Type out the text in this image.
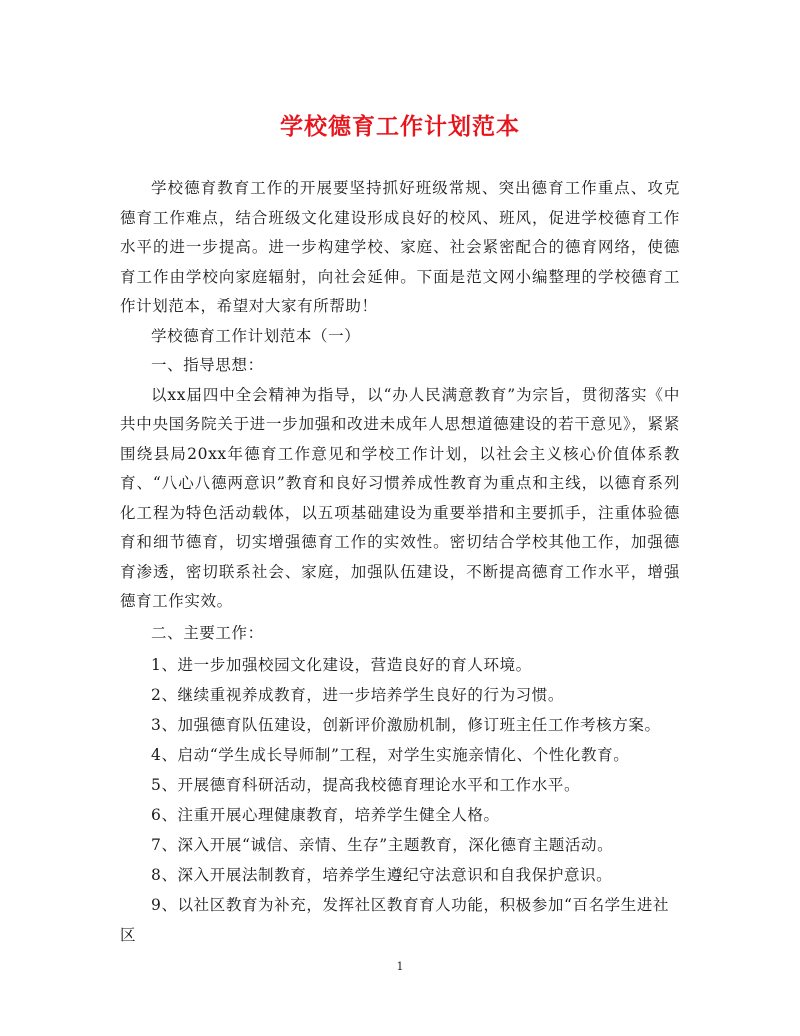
学校德育工作计划范本

学校德育教育工作的开展要坚持抓好班级常规、突出德育工作重点、攻克德育工作难点，结合班级文化建设形成良好的校风、班风，促进学校德育工作水平的进一步提高。进一步构建学校、家庭、社会紧密配合的德育网络，使德育工作由学校向家庭辐射，向社会延伸。下面是范文网小编整理的学校德育工作计划范本，希望对大家有所帮助！

学校德育工作计划范本（一）

一、指导思想：

以xx届四中全会精神为指导，以“办人民满意教育”为宗旨，贯彻落实《中共中央国务院关于进一步加强和改进未成年人思想道德建设的若干意见》，紧紧围绕县局20xx年德育工作意见和学校工作计划，以社会主义核心价值体系教育、“八心八德两意识”教育和良好习惯养成性教育为重点和主线，以德育系列化工程为特色活动载体，以五项基础建设为重要举措和主要抓手，注重体验德育和细节德育，切实增强德育工作的实效性。密切结合学校其他工作，加强德育渗透，密切联系社会、家庭，加强队伍建设，不断提高德育工作水平，增强德育工作实效。

二、主要工作：

1、进一步加强校园文化建设，营造良好的育人环境。
2、继续重视养成教育，进一步培养学生良好的行为习惯。
3、加强德育队伍建设，创新评价激励机制，修订班主任工作考核方案。
4、启动“学生成长导师制”工程，对学生实施亲情化、个性化教育。
5、开展德育科研活动，提高我校德育理论水平和工作水平。
6、注重开展心理健康教育，培养学生健全人格。
7、深入开展“诚信、亲情、生存”主题教育，深化德育主题活动。
8、深入开展法制教育，培养学生遵纪守法意识和自我保护意识。
9、以社区教育为补充，发挥社区教育育人功能，积极参加“百名学生进社区
1
